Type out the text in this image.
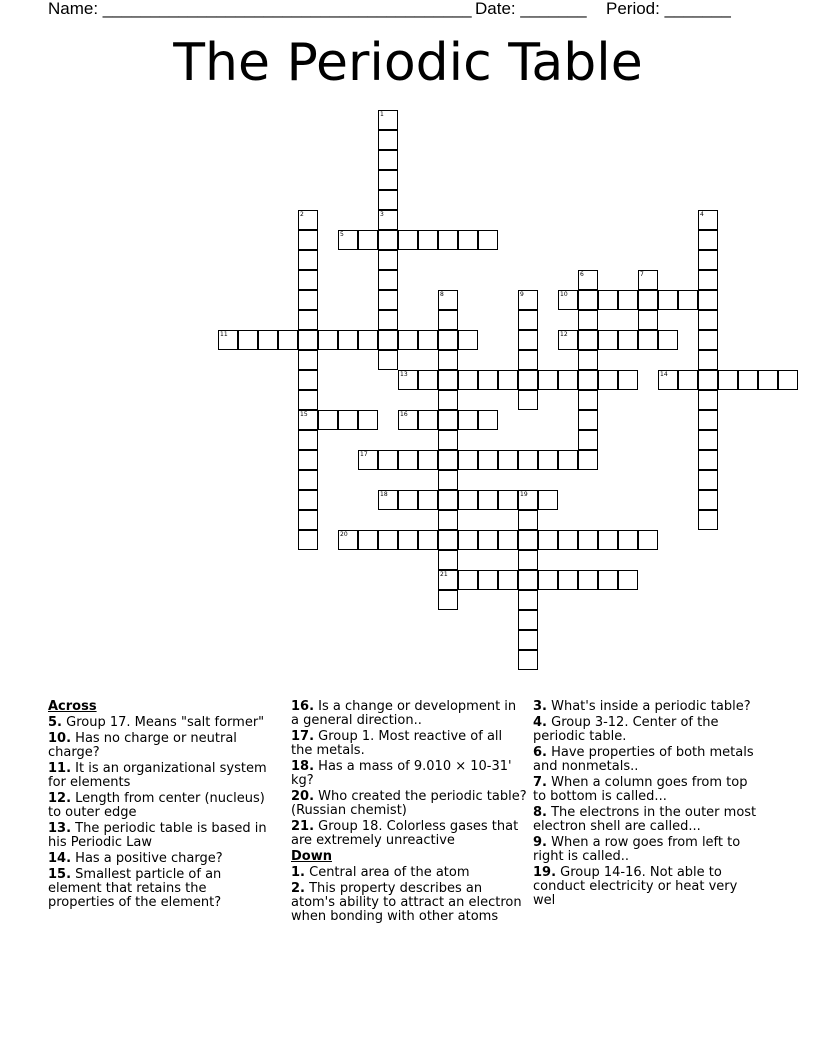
Name: _______________________________________ Date: _______ Period: _______
The Periodic Table
1
2	3	4
5
6	7
8	9	10
11	12
13	14
15	16
17
18	19
20
21
Across
5. Group 17. Means "salt former"
10. Has no charge or neutral charge?
11. It is an organizational system for elements
12. Length from center (nucleus) to outer edge
13. The periodic table is based in his Periodic Law
14. Has a positive charge?
15. Smallest particle of an element that retains the properties of the element?
16. Is a change or development in a general direction..
17. Group 1. Most reactive of all the metals.
18. Has a mass of 9.010 × 10-31' kg?
20. Who created the periodic table? (Russian chemist)
21. Group 18. Colorless gases that are extremely unreactive
Down
1. Central area of the atom
2. This property describes an atom's ability to attract an electron when bonding with other atoms
3. What's inside a periodic table?
4. Group 3-12. Center of the periodic table.
6. Have properties of both metals and nonmetals..
7. When a column goes from top to bottom is called...
8. The electrons in the outer most electron shell are called...
9. When a row goes from left to right is called..
19. Group 14-16. Not able to conduct electricity or heat very wel
